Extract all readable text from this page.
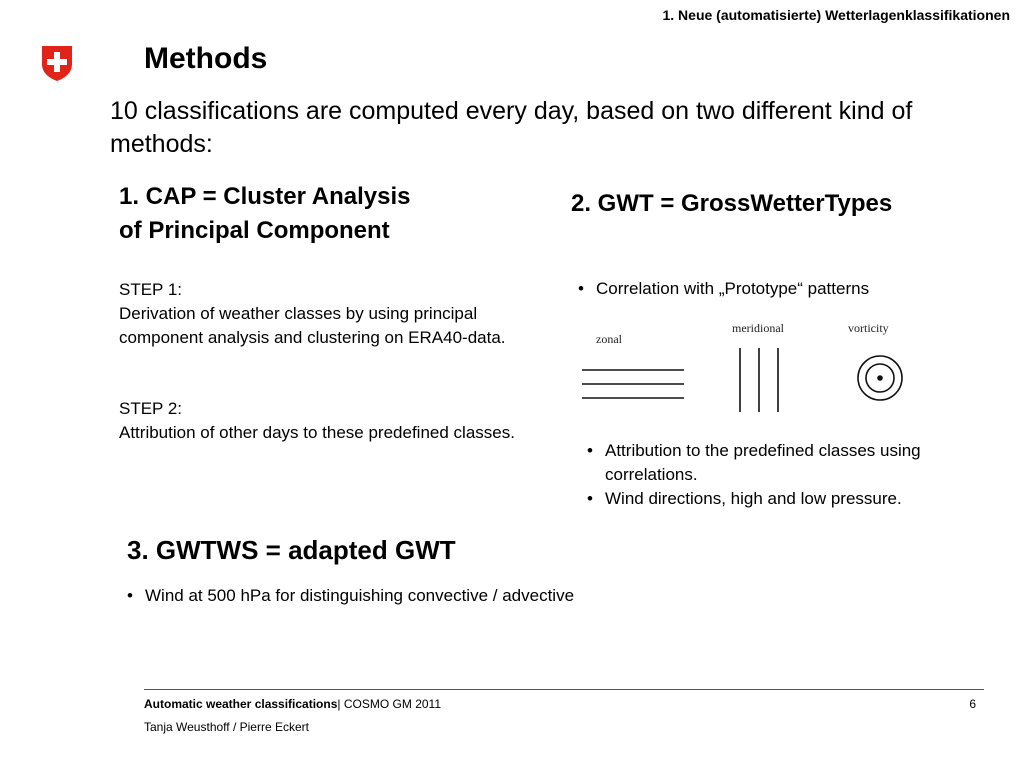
1. Neue (automatisierte) Wetterlagenklassifikationen
Methods
10 classifications are computed every day, based on two different kind of methods:
1. CAP = Cluster Analysis
of Principal Component
STEP 1:
Derivation of weather classes by using principal component analysis and clustering on ERA40-data.
STEP 2:
Attribution of other days to these predefined classes.
2. GWT = GrossWetterTypes
• Correlation with „Prototype“ patterns
zonal
meridional	vorticity
• Attribution to the predefined classes using correlations.
• Wind directions, high and low pressure.
3. GWTWS = adapted GWT
• Wind at 500 hPa for distinguishing convective / advective
Automatic weather classifications| COSMO GM 2011	6
Tanja Weusthoff / Pierre Eckert
